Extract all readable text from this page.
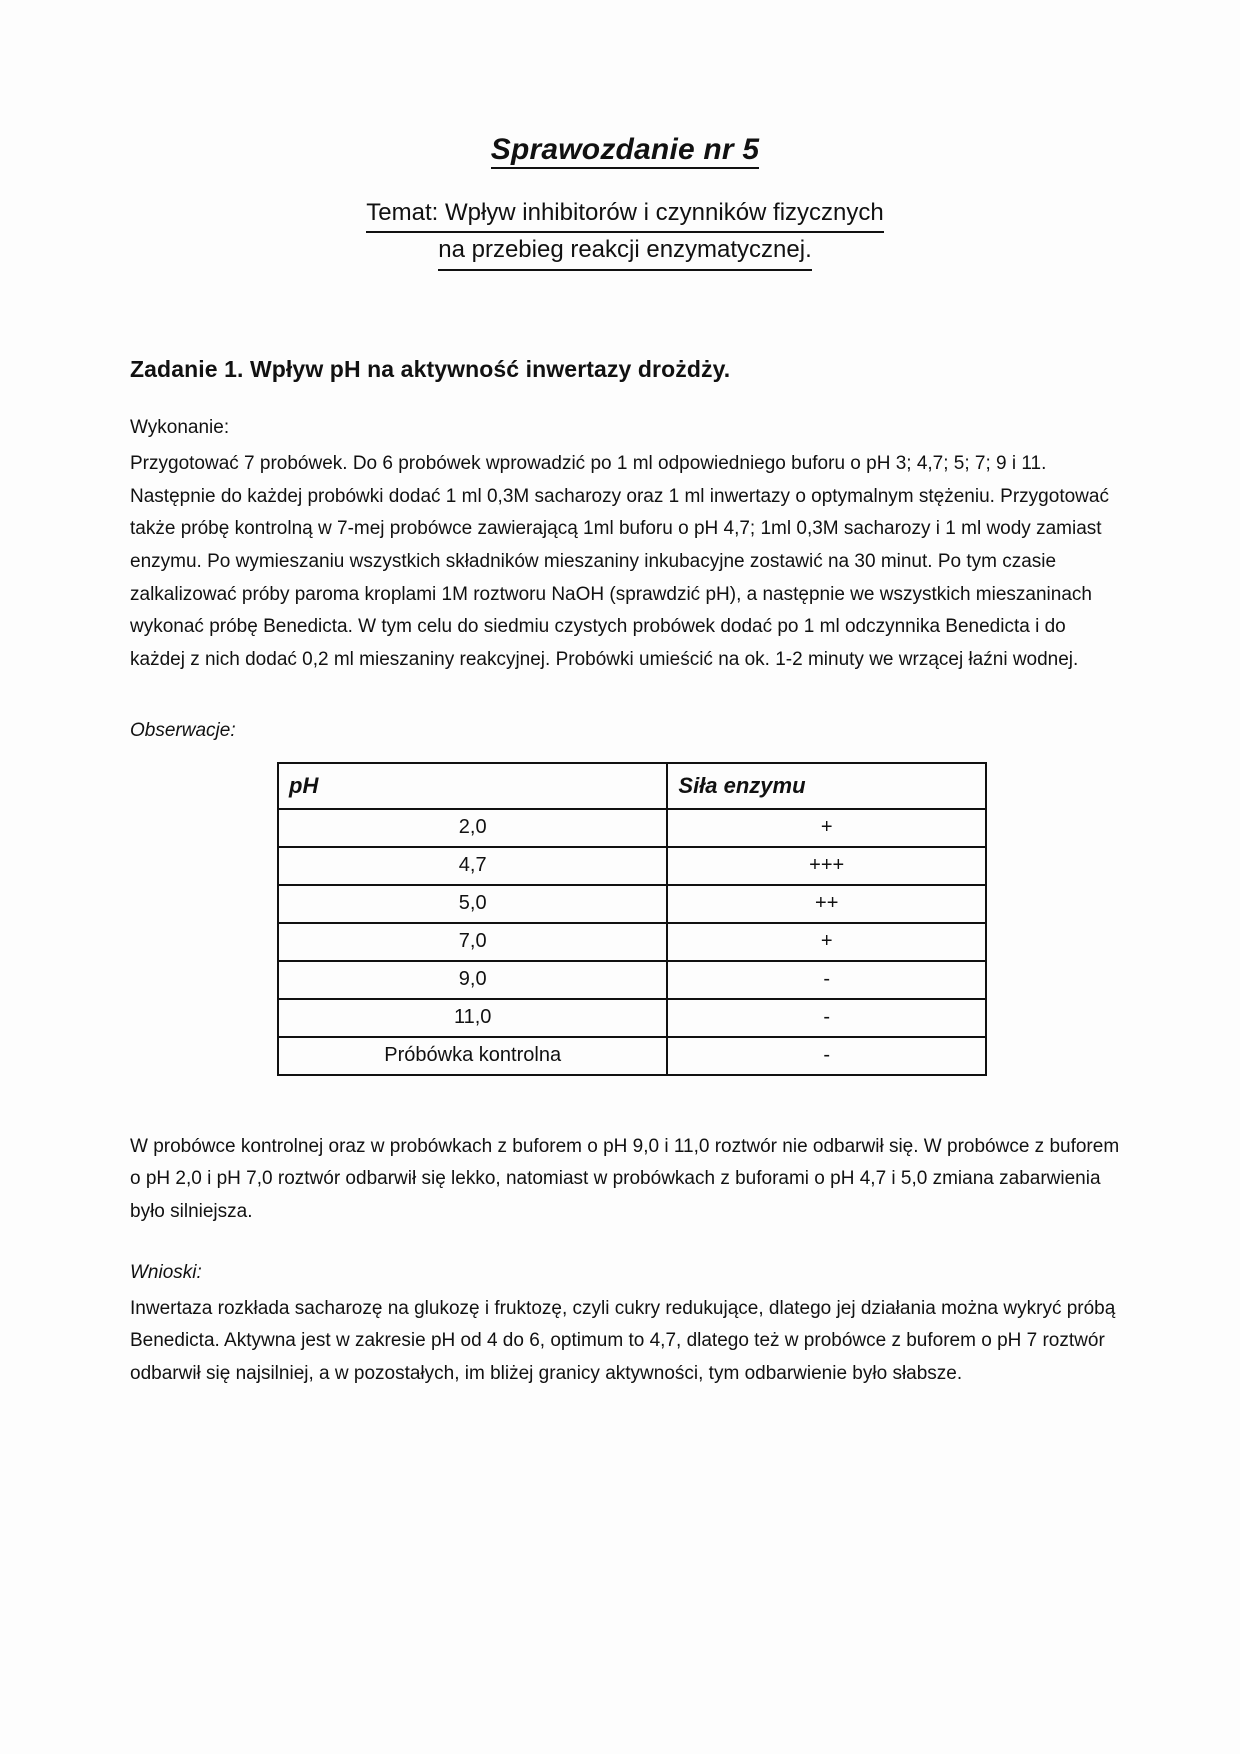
Sprawozdanie nr 5
Temat: Wpływ inhibitorów i czynników fizycznych
na przebieg reakcji enzymatycznej.
Zadanie 1. Wpływ pH na aktywność inwertazy drożdży.
Wykonanie:

Przygotować 7 probówek. Do 6 probówek wprowadzić po 1 ml odpowiedniego buforu o pH 3; 4,7; 5; 7; 9 i 11. Następnie do każdej probówki dodać 1 ml 0,3M sacharozy oraz 1 ml inwertazy o optymalnym stężeniu. Przygotować także próbę kontrolną w 7-mej probówce zawierającą 1ml buforu o pH 4,7; 1ml 0,3M sacharozy i 1 ml wody zamiast enzymu. Po wymieszaniu wszystkich składników mieszaniny inkubacyjne zostawić na 30 minut. Po tym czasie zalkalizować próby paroma kroplami 1M roztworu NaOH (sprawdzić pH), a następnie we wszystkich mieszaninach wykonać próbę Benedicta. W tym celu do siedmiu czystych probówek dodać po 1 ml odczynnika Benedicta i do każdej z nich dodać 0,2 ml mieszaniny reakcyjnej. Probówki umieścić na ok. 1-2 minuty we wrzącej łaźni wodnej.

Obserwacje:
pH	Siła enzymu
2,0	+
4,7	+++
5,0	++
7,0	+
9,0	-
11,0	-
Próbówka kontrolna	-

W probówce kontrolnej oraz w probówkach z buforem o pH 9,0 i 11,0 roztwór nie odbarwił się. W probówce z buforem o pH 2,0 i pH 7,0 roztwór odbarwił się lekko, natomiast w probówkach z buforami o pH 4,7 i 5,0 zmiana zabarwienia było silniejsza.

Wnioski:

Inwertaza rozkłada sacharozę na glukozę i fruktozę, czyli cukry redukujące, dlatego jej działania można wykryć próbą Benedicta. Aktywna jest w zakresie pH od 4 do 6, optimum to 4,7, dlatego też w probówce z buforem o pH 7 roztwór odbarwił się najsilniej, a w pozostałych, im bliżej granicy aktywności, tym odbarwienie było słabsze.
